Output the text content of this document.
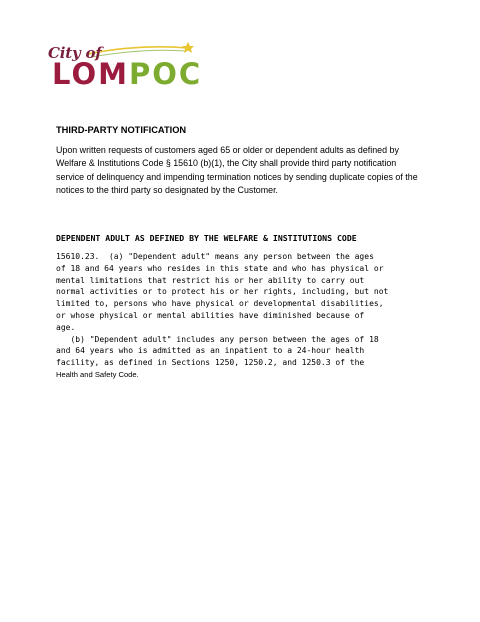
City of
LOMPOC
THIRD-PARTY NOTIFICATION

Upon written requests of customers aged 65 or older or dependent adults as defined by Welfare & Institutions Code § 15610 (b)(1), the City shall provide third party notification service of delinquency and impending termination notices by sending duplicate copies of the notices to the third party so designated by the Customer.

DEPENDENT ADULT AS DEFINED BY THE WELFARE & INSTITUTIONS CODE
15610.23.  (a) "Dependent adult" means any person between the ages
of 18 and 64 years who resides in this state and who has physical or
mental limitations that restrict his or her ability to carry out
normal activities or to protect his or her rights, including, but not
limited to, persons who have physical or developmental disabilities,
or whose physical or mental abilities have diminished because of
age.
(b) "Dependent adult" includes any person between the ages of 18
and 64 years who is admitted as an inpatient to a 24-hour health
facility, as defined in Sections 1250, 1250.2, and 1250.3 of the
Health and Safety Code.
